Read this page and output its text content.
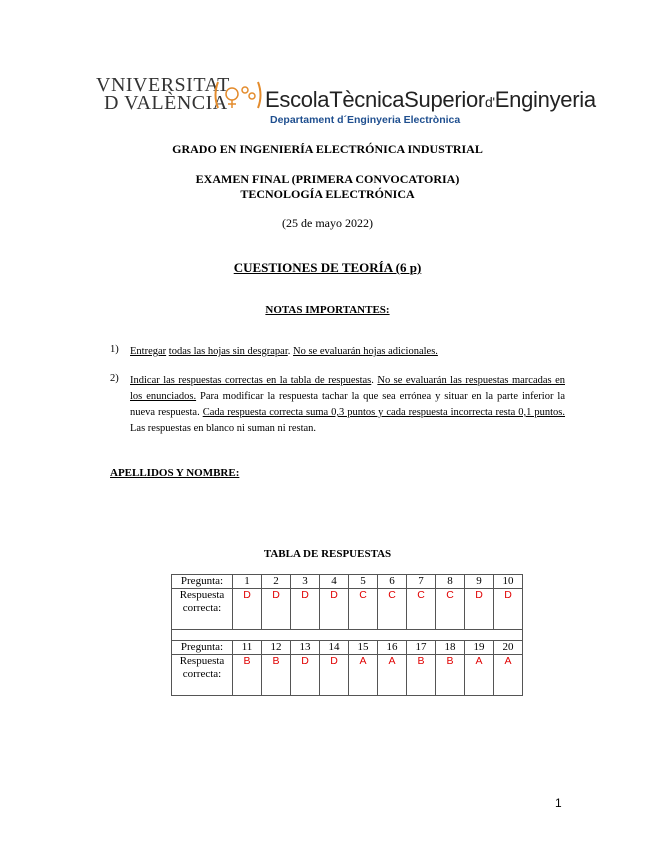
VNIVERSITAT
D VALÈNCIA EscolaTècnicaSuperiord'Enginyeria
Departament d´Enginyeria Electrònica
GRADO EN INGENIERÍA ELECTRÓNICA INDUSTRIAL
EXAMEN FINAL (PRIMERA CONVOCATORIA)
TECNOLOGÍA ELECTRÓNICA
(25 de mayo 2022)
CUESTIONES DE TEORÍA (6 p)
NOTAS IMPORTANTES:
1) Entregar todas las hojas sin desgrapar. No se evaluarán hojas adicionales.
2) Indicar las respuestas correctas en la tabla de respuestas. No se evaluarán las respuestas marcadas en los enunciados. Para modificar la respuesta tachar la que sea errónea y situar en la parte inferior la nueva respuesta. Cada respuesta correcta suma 0,3 puntos y cada respuesta incorrecta resta 0,1 puntos. Las respuestas en blanco ni suman ni restan.
APELLIDOS Y NOMBRE:
TABLA DE RESPUESTAS
Pregunta:	1	2	3	4	5	6	7	8	9	10
Respuesta
correcta:	D	D	D	D	C	C	C	C	D	D

Pregunta:	11	12	13	14	15	16	17	18	19	20
Respuesta
correcta:	B	B	D	D	A	A	B	B	A	A
1
